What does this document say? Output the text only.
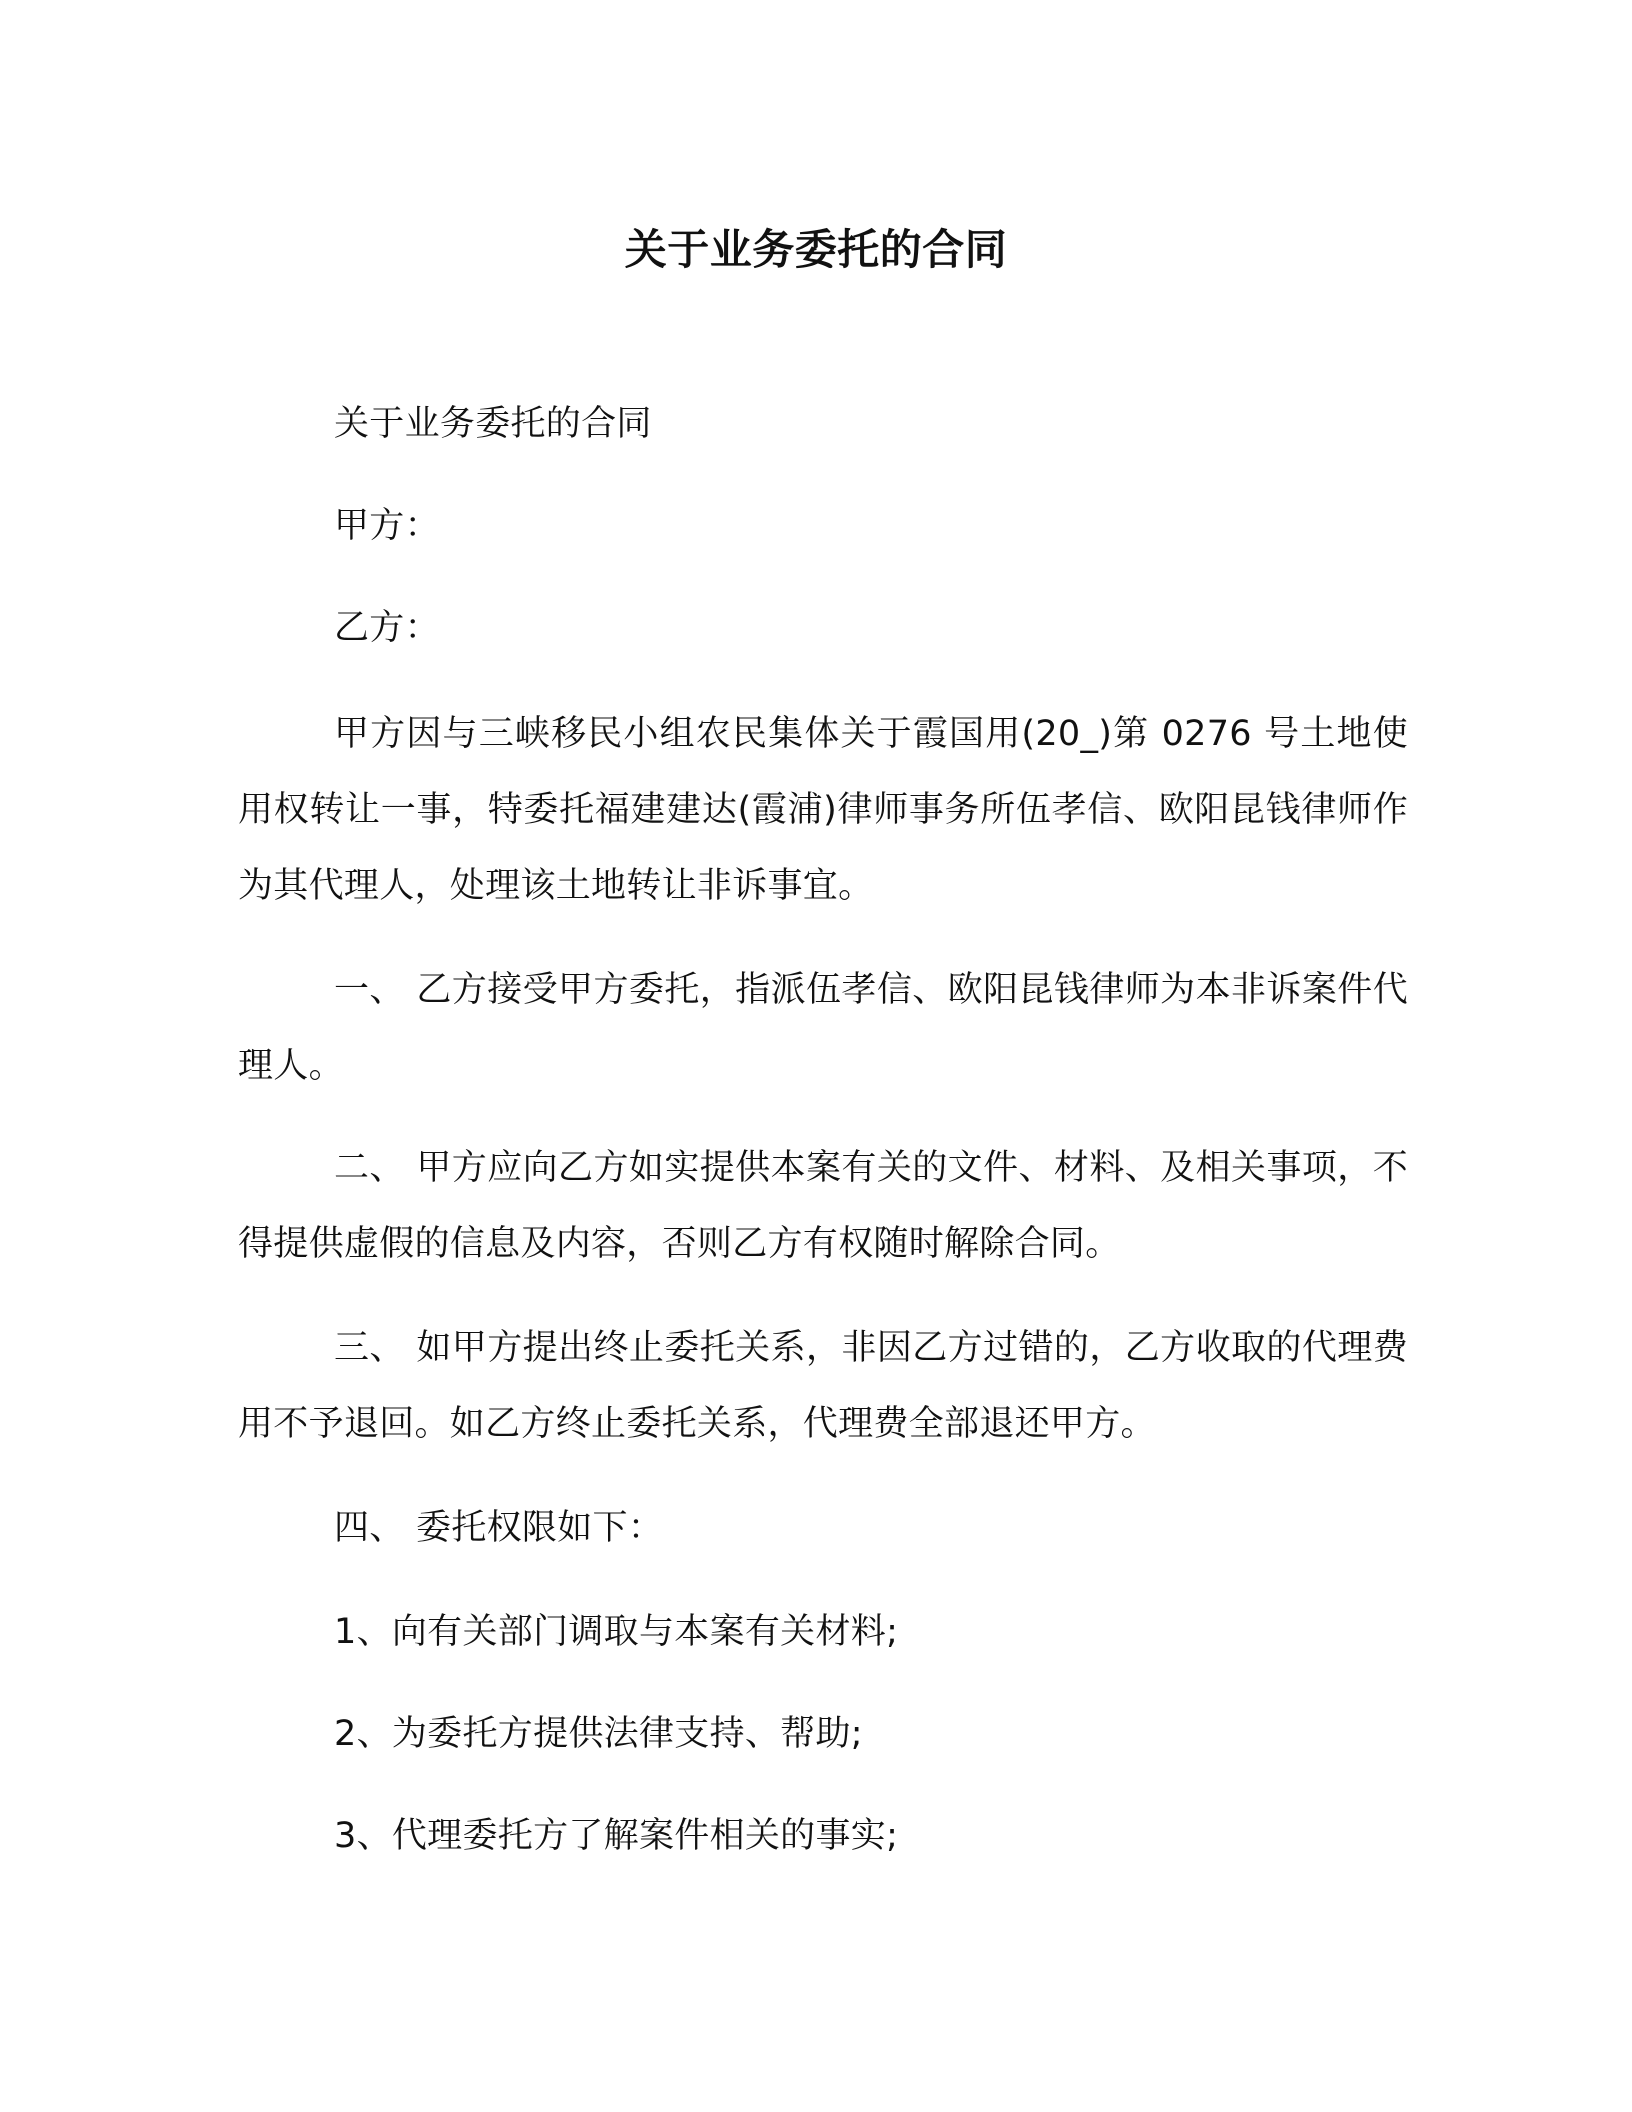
关于业务委托的合同
关于业务委托的合同
甲方：
乙方：

甲方因与三峡移民小组农民集体关于霞国用(20_)第 0276 号土地使用权转让一事，特委托福建建达(霞浦)律师事务所伍孝信、欧阳昆钱律师作为其代理人，处理该土地转让非诉事宜。

一、 乙方接受甲方委托，指派伍孝信、欧阳昆钱律师为本非诉案件代理人。

二、 甲方应向乙方如实提供本案有关的文件、材料、及相关事项，不得提供虚假的信息及内容，否则乙方有权随时解除合同。

三、 如甲方提出终止委托关系，非因乙方过错的，乙方收取的代理费用不予退回。如乙方终止委托关系，代理费全部退还甲方。

四、 委托权限如下：
1、向有关部门调取与本案有关材料;
2、为委托方提供法律支持、帮助;
3、代理委托方了解案件相关的事实;
